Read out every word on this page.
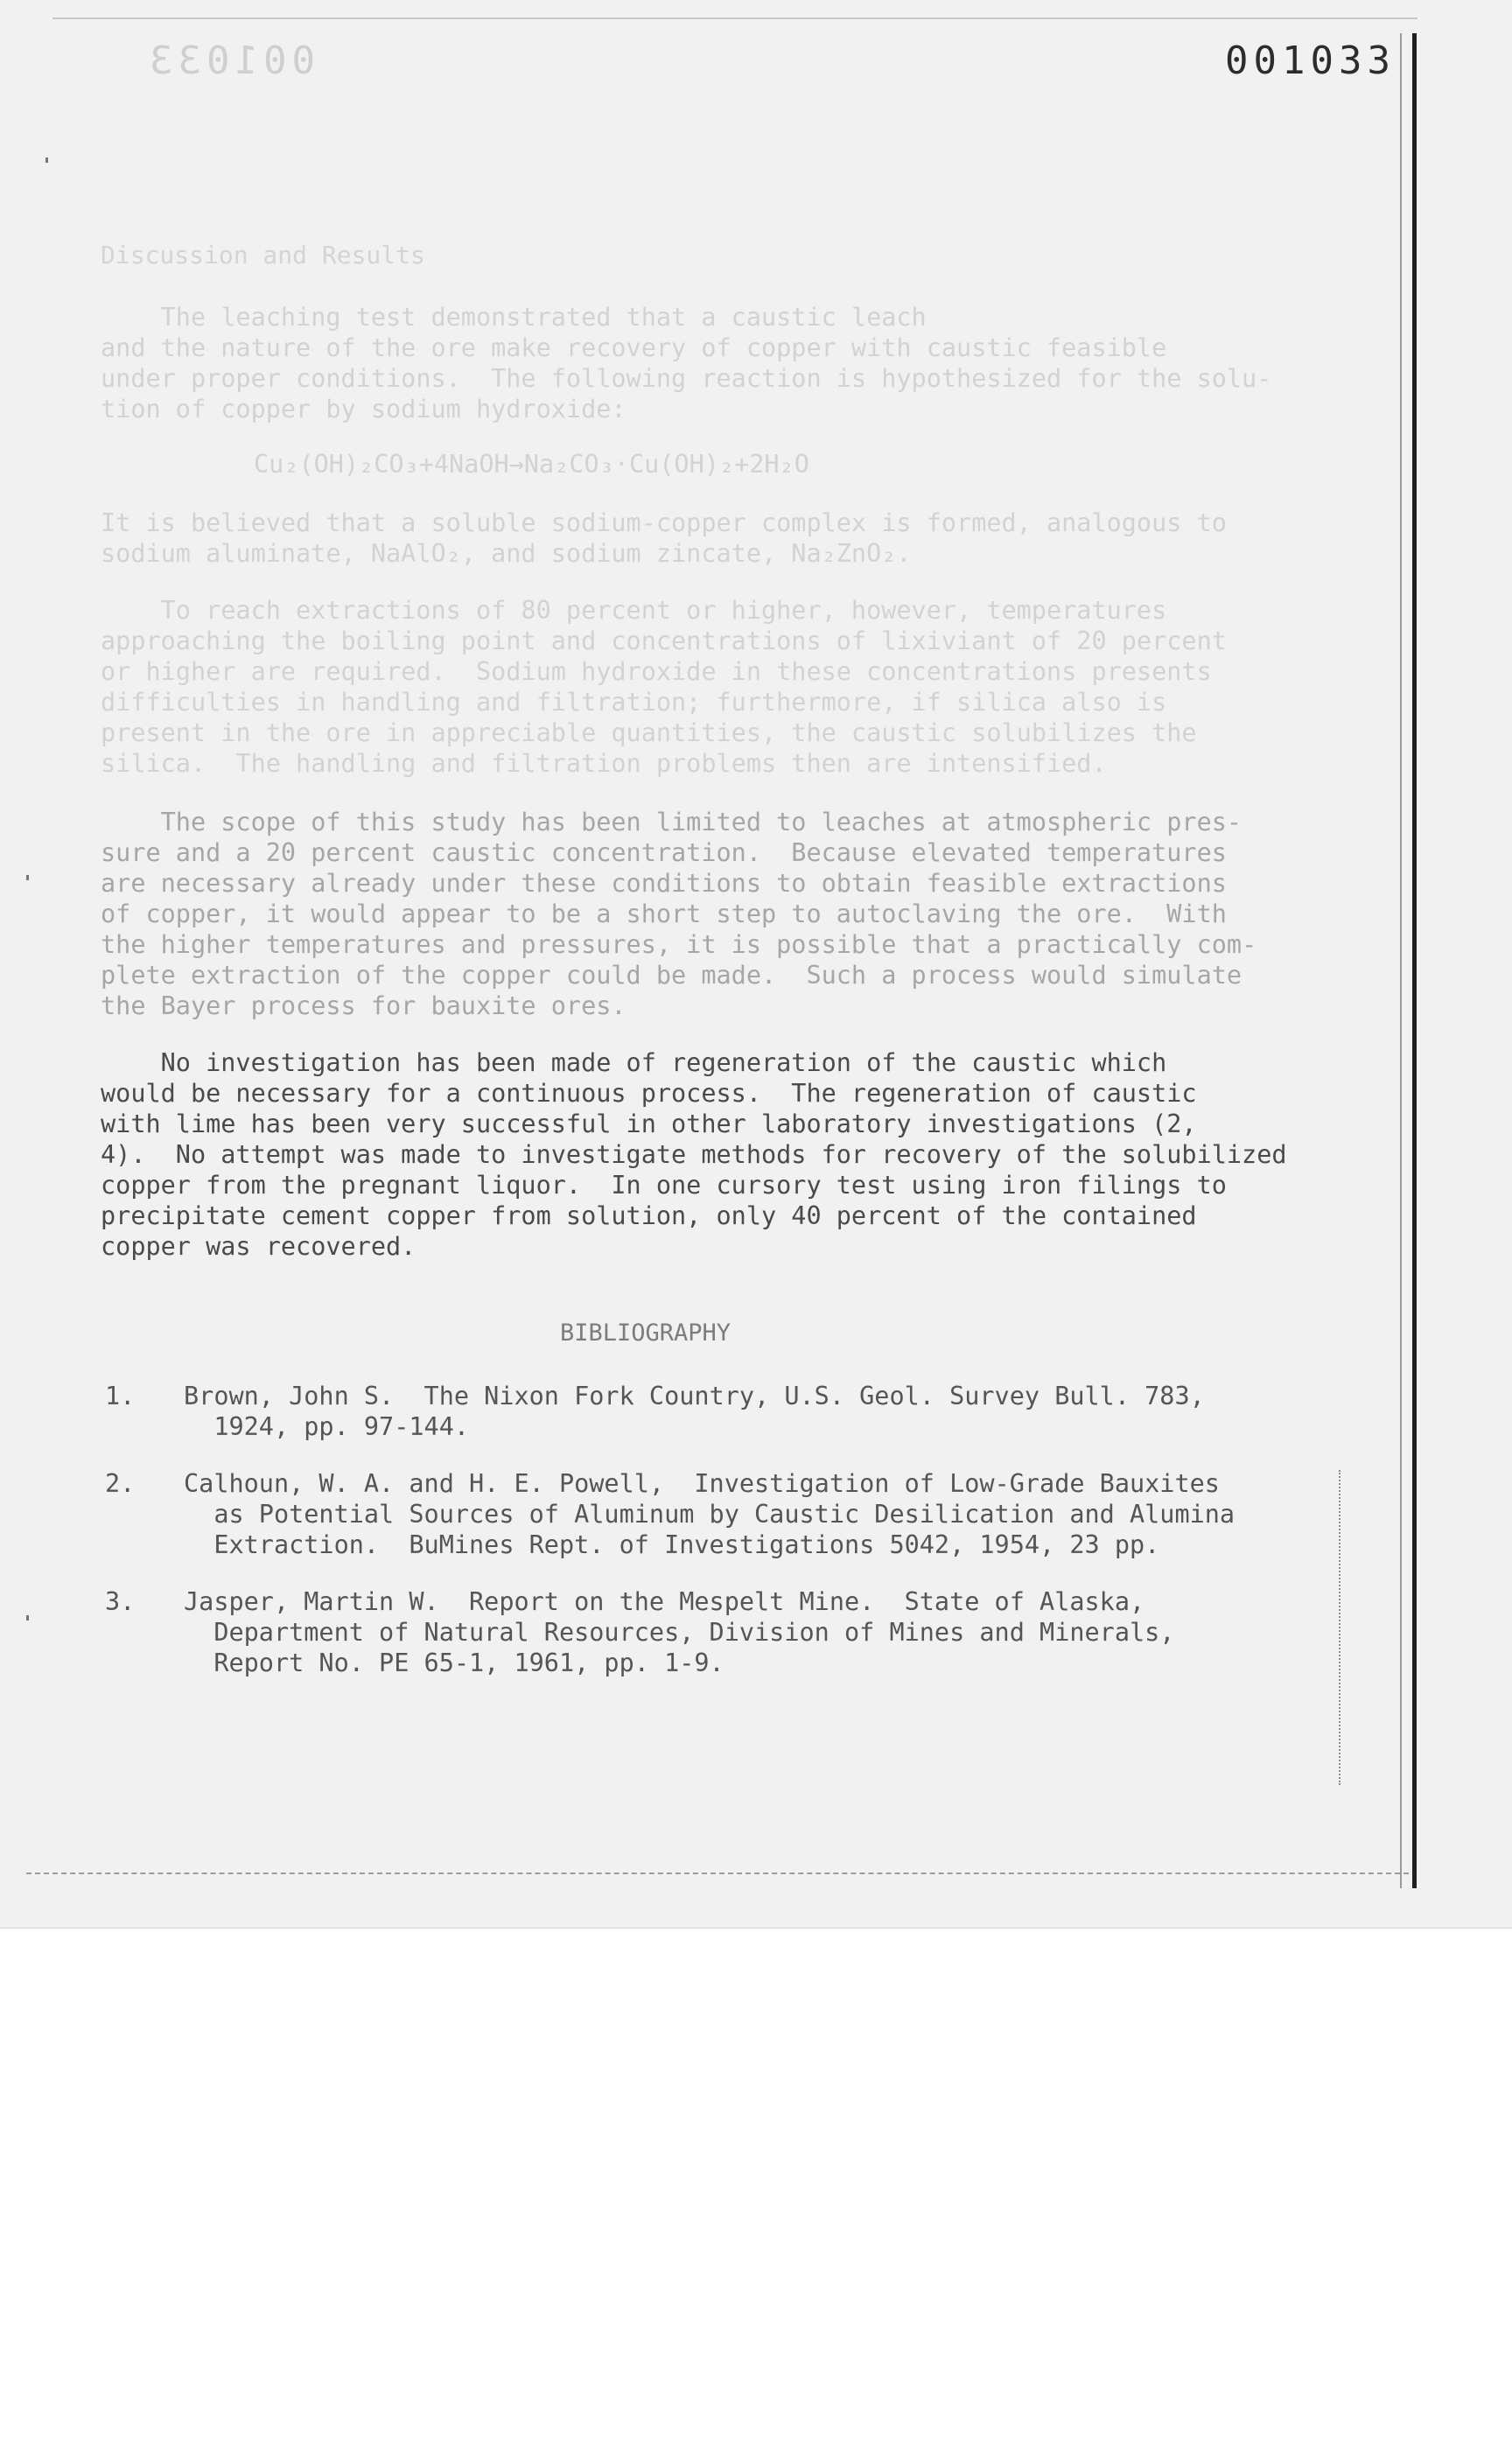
001033	001033
Discussion and Results
The leaching test demonstrated that a caustic leach
and the nature of the ore make recovery of copper with caustic feasible
under proper conditions.  The following reaction is hypothesized for the solu-
tion of copper by sodium hydroxide:
Cu₂(OH)₂CO₃+4NaOH→Na₂CO₃·Cu(OH)₂+2H₂O
It is believed that a soluble sodium-copper complex is formed, analogous to
sodium aluminate, NaAlO₂, and sodium zincate, Na₂ZnO₂.
To reach extractions of 80 percent or higher, however, temperatures
approaching the boiling point and concentrations of lixiviant of 20 percent
or higher are required.  Sodium hydroxide in these concentrations presents
difficulties in handling and filtration; furthermore, if silica also is
present in the ore in appreciable quantities, the caustic solubilizes the
silica.  The handling and filtration problems then are intensified.
The scope of this study has been limited to leaches at atmospheric pres-
sure and a 20 percent caustic concentration.  Because elevated temperatures
are necessary already under these conditions to obtain feasible extractions
of copper, it would appear to be a short step to autoclaving the ore.  With
the higher temperatures and pressures, it is possible that a practically com-
plete extraction of the copper could be made.  Such a process would simulate
the Bayer process for bauxite ores.
No investigation has been made of regeneration of the caustic which
would be necessary for a continuous process.  The regeneration of caustic
with lime has been very successful in other laboratory investigations (2,
4).  No attempt was made to investigate methods for recovery of the solubilized
copper from the pregnant liquor.  In one cursory test using iron filings to
precipitate cement copper from solution, only 40 percent of the contained
copper was recovered.
BIBLIOGRAPHY
1. Brown, John S.  The Nixon Fork Country, U.S. Geol. Survey Bull. 783,
1924, pp. 97-144.
2. Calhoun, W. A. and H. E. Powell,  Investigation of Low-Grade Bauxites
as Potential Sources of Aluminum by Caustic Desilication and Alumina
Extraction.  BuMines Rept. of Investigations 5042, 1954, 23 pp.
3. Jasper, Martin W.  Report on the Mespelt Mine.  State of Alaska,
Department of Natural Resources, Division of Mines and Minerals,
Report No. PE 65-1, 1961, pp. 1-9.
